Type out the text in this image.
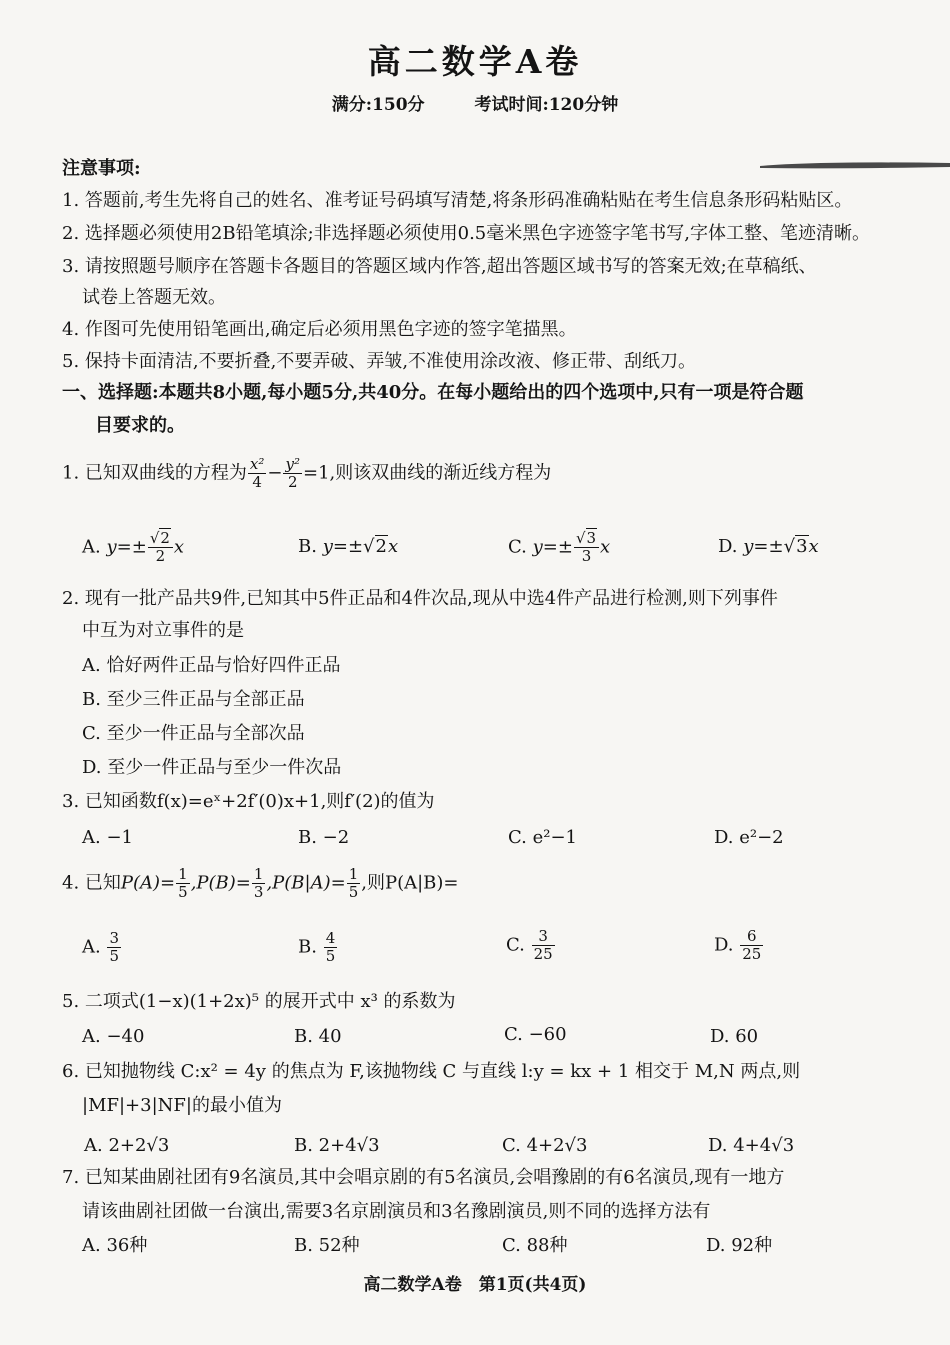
高二数学A卷
满分:150分	考试时间:120分钟
注意事项:
1. 答题前,考生先将自己的姓名、准考证号码填写清楚,将条形码准确粘贴在考生信息条形码粘贴区。
2. 选择题必须使用2B铅笔填涂;非选择题必须使用0.5毫米黑色字迹签字笔书写,字体工整、笔迹清晰。
3. 请按照题号顺序在答题卡各题目的答题区域内作答,超出答题区域书写的答案无效;在草稿纸、
试卷上答题无效。
4. 作图可先使用铅笔画出,确定后必须用黑色字迹的签字笔描黑。
5. 保持卡面清洁,不要折叠,不要弄破、弄皱,不准使用涂改液、修正带、刮纸刀。
一、选择题:本题共8小题,每小题5分,共40分。在每小题给出的四个选项中,只有一项是符合题
目要求的。
1. 已知双曲线的方程为 $\frac{\text{x²}}{4} - \frac{\text{y²}}{2} =1$,则该双曲线的渐近线方程为
A. $y=\pm \frac{√2}{2}$ x	B. y=±√2x	C. $y=\pm \frac{√3}{3}$ x	D. y=±√3x
2. 现有一批产品共9件,已知其中5件正品和4件次品,现从中选4件产品进行检测,则下列事件
中互为对立事件的是
A. 恰好两件正品与恰好四件正品
B. 至少三件正品与全部正品
C. 至少一件正品与全部次品
D. 至少一件正品与至少一件次品
3. 已知函数f(x)=eˣ+2f′(0)x+1,则f′(2)的值为
A. −1	B. −2	C. e²−1	D. e²−2
4. 已知$P(A)= \frac{1}{5} ,P(B)= \frac{1}{3} ,P(B|A)= \frac{1}{5}$ ,则P(A|B)=
A. $\frac{3}{5}$	B. $\frac{4}{5}$	C. $\frac{3}{25}$	D. $\frac{6}{25}$
5. 二项式(1−x)(1+2x)⁵ 的展开式中 x³ 的系数为
A. −40	B. 40	C. −60	D. 60
6. 已知抛物线 C:x² = 4y 的焦点为 F,该抛物线 C 与直线 l:y = kx + 1 相交于 M,N 两点,则
|MF|+3|NF|的最小值为
A. 2+2√3	B. 2+4√3	C. 4+2√3	D. 4+4√3
7. 已知某曲剧社团有9名演员,其中会唱京剧的有5名演员,会唱豫剧的有6名演员,现有一地方
请该曲剧社团做一台演出,需要3名京剧演员和3名豫剧演员,则不同的选择方法有
A. 36种	B. 52种	C. 88种	D. 92种
高二数学A卷　第1页(共4页)
